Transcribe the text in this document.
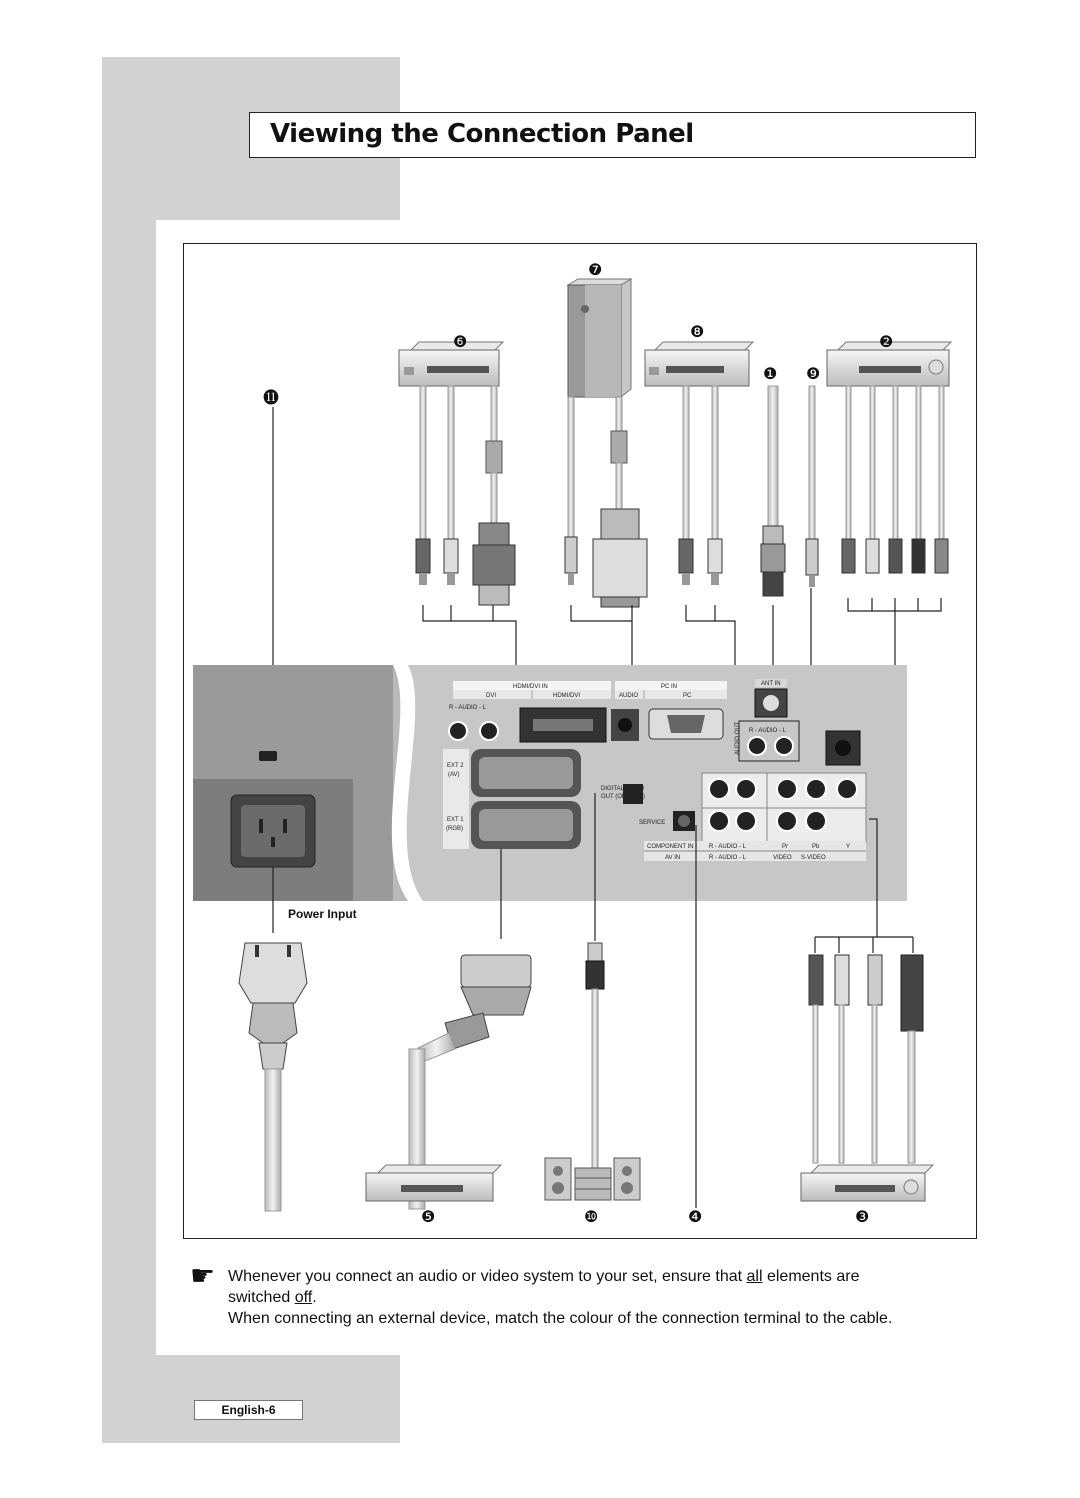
Viewing the Connection Panel
HDMI/DVI IN
DVI	HDMI/DVI
PC IN
AUDIO	PC
R - AUDIO - L
ANT IN
R - AUDIO - L
EXT 2
(AV)
EXT 1
(RGB)
DIGITAL AUDIO
OUT (OPTICAL)
SERVICE
COMPONENT IN
AV IN
R - AUDIO - L
R - AUDIO - L
Pr	Pb	Y
VIDEO S-VIDEO
AUDIO OUT
Power Input
❼
❻
❽
❷
❶ ❾
⓫
❺	❿	❹	❸
☛ Whenever you connect an audio or video system to your set, ensure that all elements are
switched off.
When connecting an external device, match the colour of the connection terminal to the cable.
English-6
